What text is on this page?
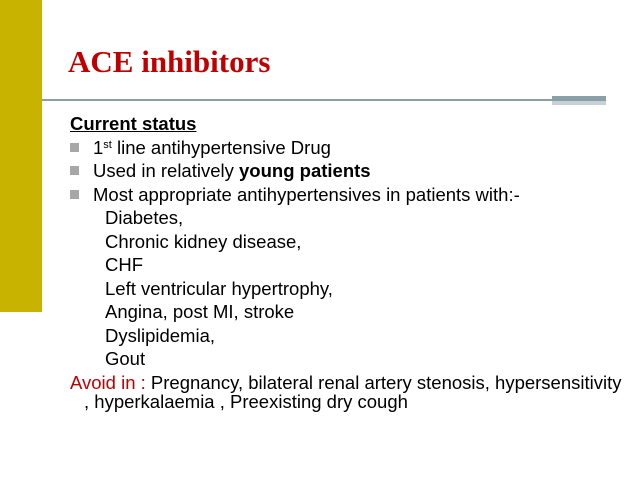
ACE inhibitors
Current status
1st line antihypertensive Drug
Used in relatively young patients
Most appropriate antihypertensives in patients with:-
Diabetes,
Chronic kidney disease,
CHF
Left ventricular hypertrophy,
Angina, post MI, stroke
Dyslipidemia,
Gout
Avoid in : Pregnancy, bilateral renal artery stenosis, hypersensitivity , hyperkalaemia , Preexisting dry cough
